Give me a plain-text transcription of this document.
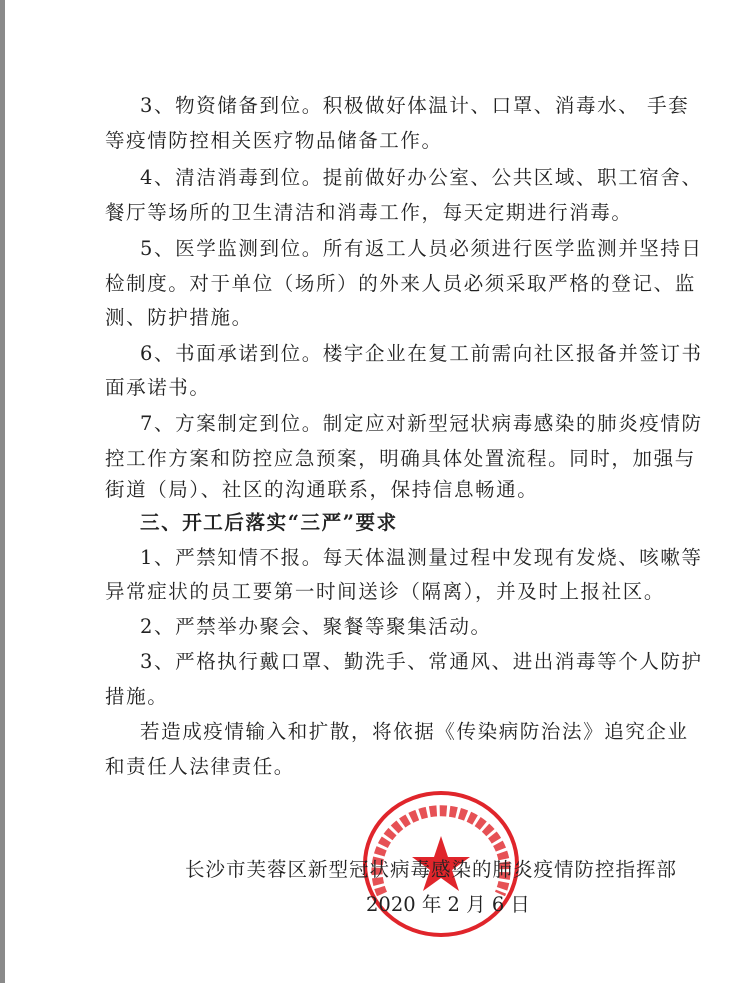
3、物资储备到位。积极做好体温计、口罩、消毒水、 手套
等疫情防控相关医疗物品储备工作。
4、清洁消毒到位。提前做好办公室、公共区域、职工宿舍、
餐厅等场所的卫生清洁和消毒工作，每天定期进行消毒。
5、医学监测到位。所有返工人员必须进行医学监测并坚持日
检制度。对于单位（场所）的外来人员必须采取严格的登记、监
测、防护措施。
6、书面承诺到位。楼宇企业在复工前需向社区报备并签订书
面承诺书。
7、方案制定到位。制定应对新型冠状病毒感染的肺炎疫情防
控工作方案和防控应急预案，明确具体处置流程。同时，加强与
街道（局）、社区的沟通联系，保持信息畅通。
三、开工后落实“三严”要求
1、严禁知情不报。每天体温测量过程中发现有发烧、咳嗽等
异常症状的员工要第一时间送诊（隔离），并及时上报社区。
2、严禁举办聚会、聚餐等聚集活动。
3、严格执行戴口罩、勤洗手、常通风、进出消毒等个人防护
措施。
若造成疫情输入和扩散，将依据《传染病防治法》追究企业
和责任人法律责任。
长沙市芙蓉区新型冠状病毒感染的肺炎疫情防控指挥部
2020 年 2 月 6 日
